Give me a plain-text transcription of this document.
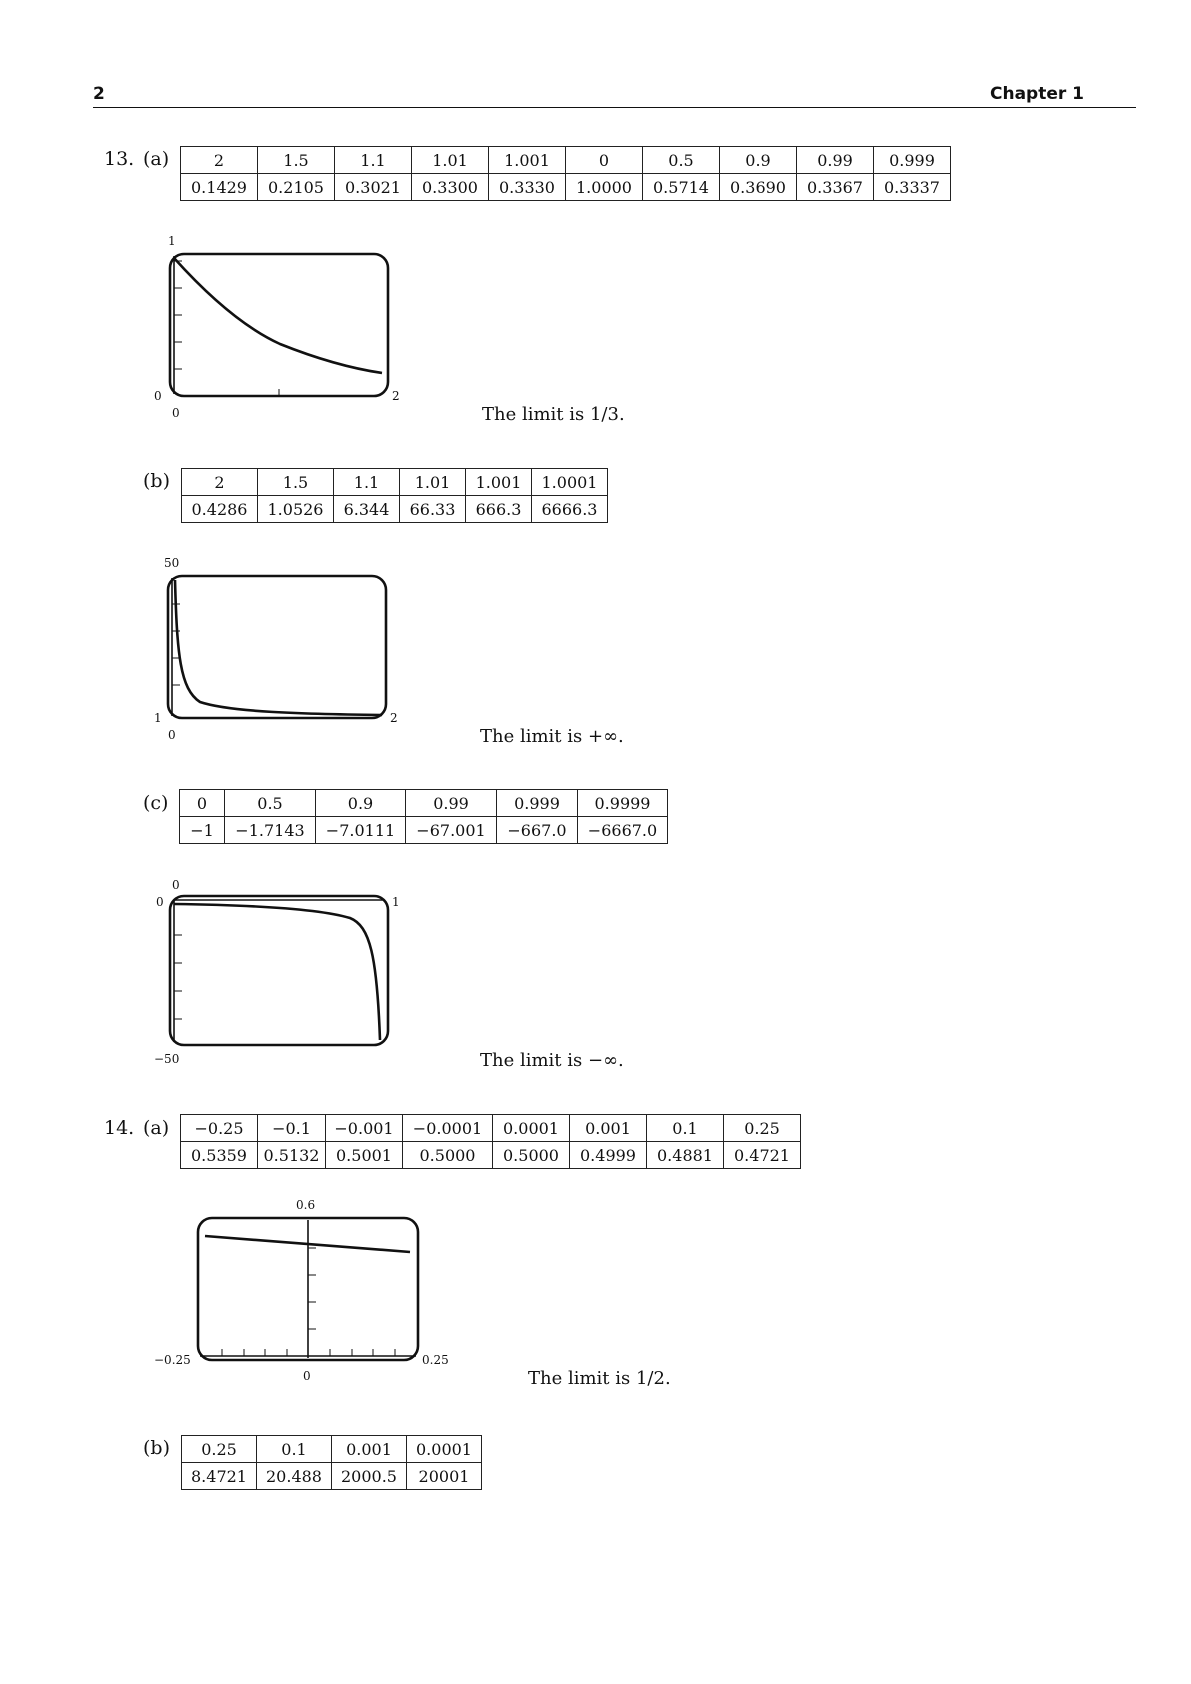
2	Chapter 1
13. (a)	2	1.5	1.1	1.01	1.001	0	0.5	0.9	0.99	0.999
0.1429	0.2105	0.3021	0.3300	0.3330	1.0000	0.5714	0.3690	0.3367	0.3337
1
0
0
2
The limit is 1/3.
(b)	2	1.5	1.1	1.01	1.001	1.0001
0.4286	1.0526	6.344	66.33	666.3	6666.3
50
1
0
2
The limit is +∞.
(c) 0	0.5	0.9	0.99	0.999	0.9999
−1	−1.7143	−7.0111	−67.001	−667.0	−6667.0
0
0	1
−50	The limit is −∞.
14. (a) −0.25	−0.1	−0.001	−0.0001	0.0001	0.001	0.1	0.25
0.5359	0.5132	0.5001	0.5000	0.5000	0.4999	0.4881	0.4721
0.6
−0.25	0.25
0	The limit is 1/2.
(b) 0.25	0.1	0.001	0.0001
8.4721	20.488	2000.5	20001
